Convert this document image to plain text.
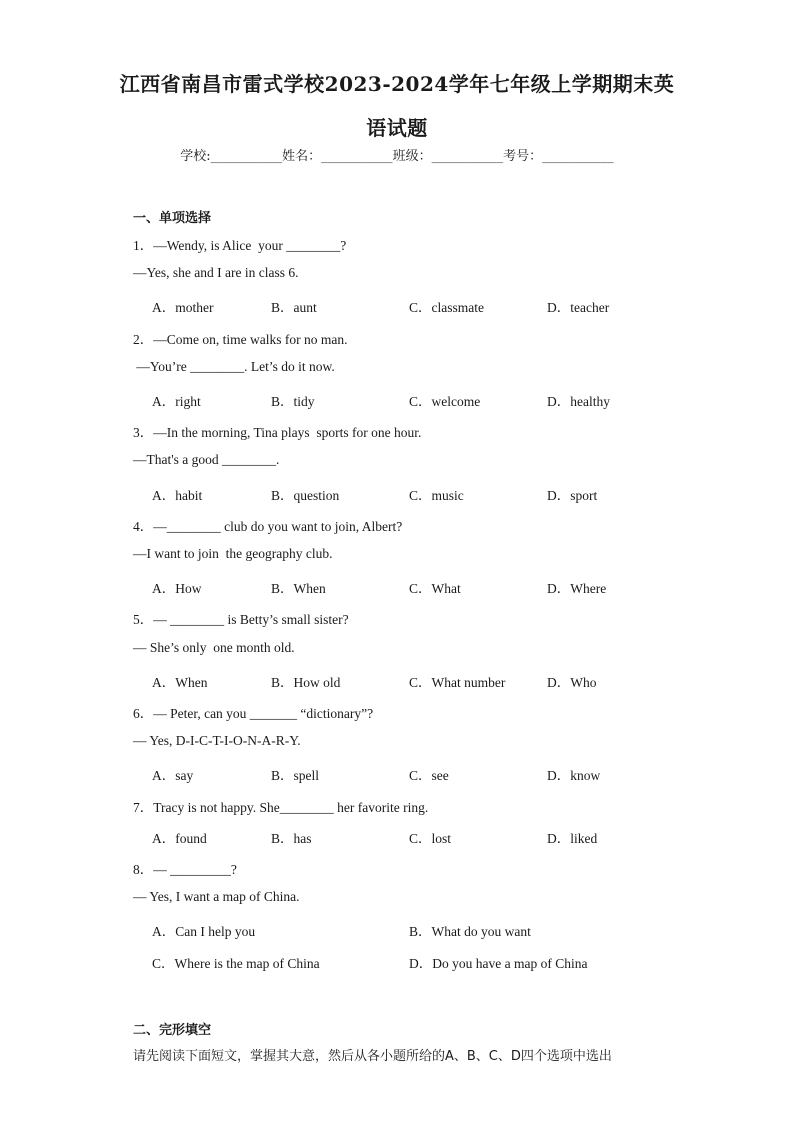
江西省南昌市雷式学校2023-2024学年七年级上学期期末英
语试题
学校:___________姓名：___________班级：___________考号：___________
一、单项选择
1．—Wendy, is Alice  your ________?
—Yes, she and I are in class 6.
A．mother	B．aunt	C．classmate	D．teacher
2．—Come on, time walks for no man.
—You’re ________. Let’s do it now.
A．right	B．tidy	C．welcome	D．healthy
3．—In the morning, Tina plays  sports for one hour.
—That's a good ________.
A．habit	B．question	C．music	D．sport
4．—________ club do you want to join, Albert?
—I want to join  the geography club.
A．How	B．When	C．What	D．Where
5．— ________ is Betty’s small sister?
— She’s only  one month old.
A．When	B．How old	C．What number	D．Who
6．— Peter, can you _______ “dictionary”?
— Yes, D-I-C-T-I-O-N-A-R-Y.
A．say	B．spell	C．see	D．know
7．Tracy is not happy. She________ her favorite ring.
A．found	B．has	C．lost	D．liked
8．— _________?
— Yes, I want a map of China.
A．Can I help you	B．What do you want
C．Where is the map of China	D．Do you have a map of China
二、完形填空
请先阅读下面短文，掌握其大意，然后从各小题所给的A、B、C、D四个选项中选出
